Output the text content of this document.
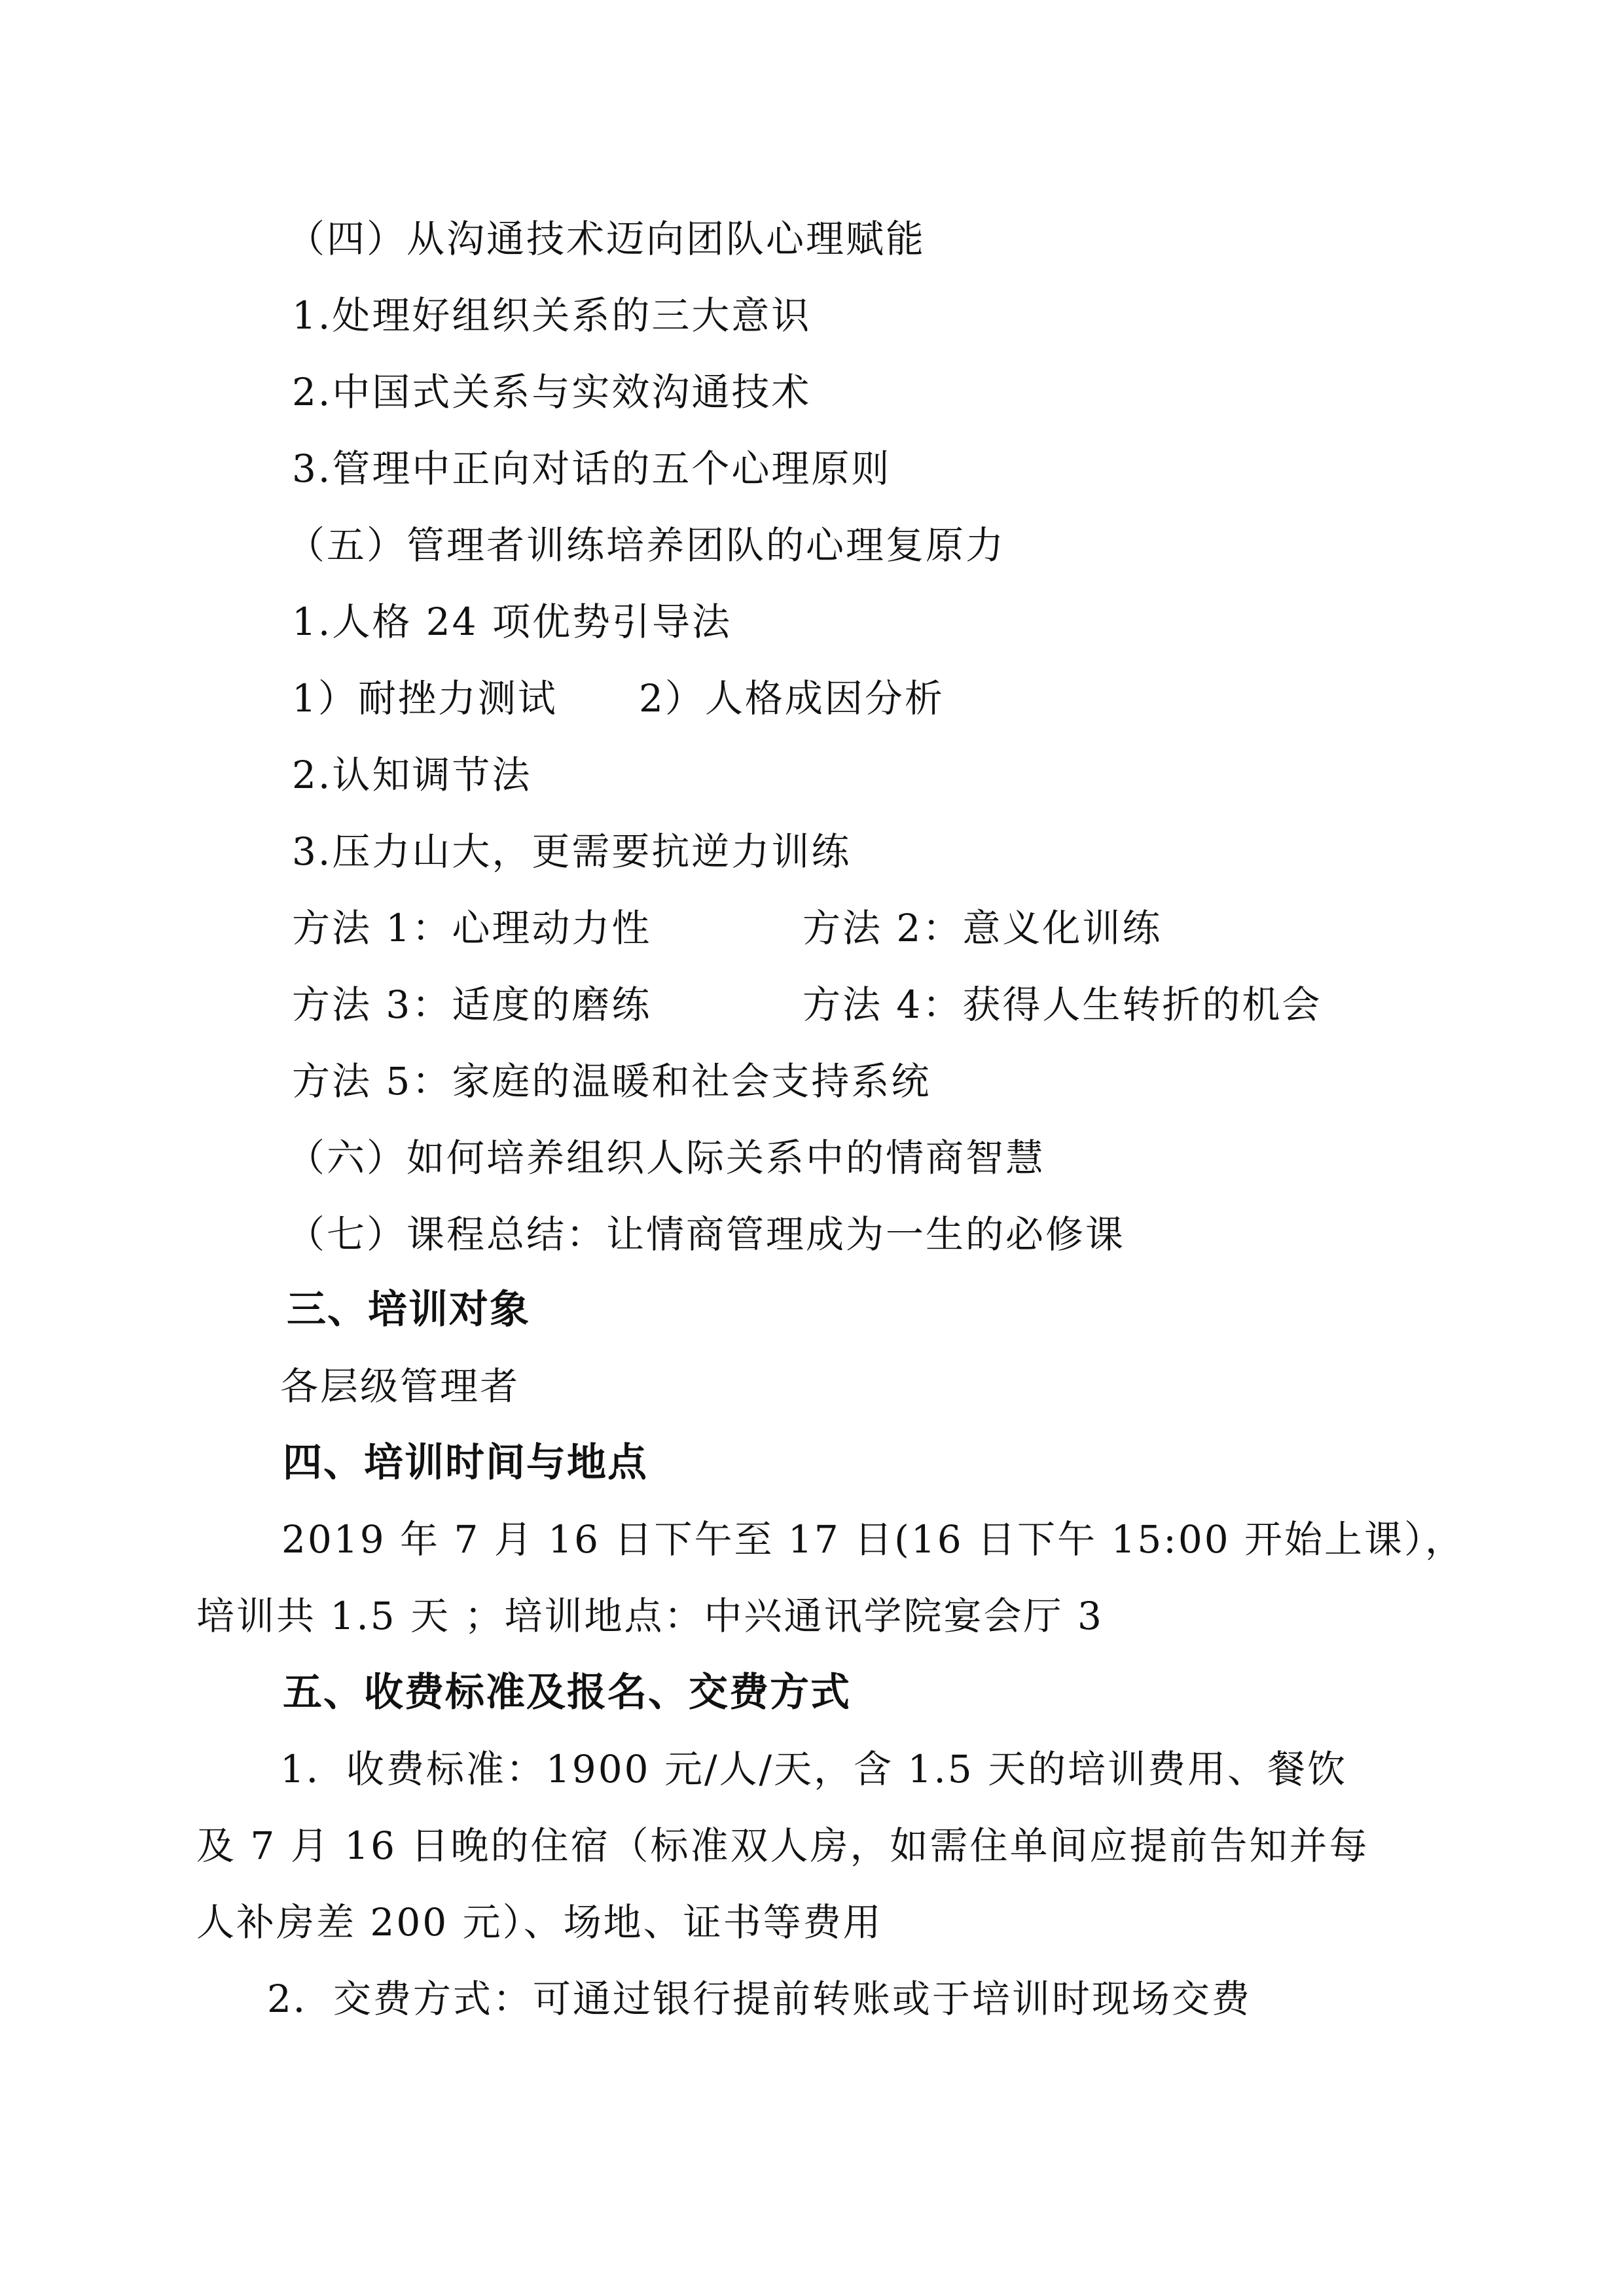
（四）从沟通技术迈向团队心理赋能
1.处理好组织关系的三大意识
2.中国式关系与实效沟通技术
3.管理中正向对话的五个心理原则
（五）管理者训练培养团队的心理复原力
1.人格 24 项优势引导法
1）耐挫力测试 2）人格成因分析
2.认知调节法
3.压力山大，更需要抗逆力训练
方法 1：心理动力性	方法 2：意义化训练
方法 3：适度的磨练	方法 4：获得人生转折的机会
方法 5：家庭的温暖和社会支持系统
（六）如何培养组织人际关系中的情商智慧
（七）课程总结：让情商管理成为一生的必修课
三、培训对象
各层级管理者
四、培训时间与地点
2019 年 7 月 16 日下午至 17 日(16 日下午 15:00 开始上课），
培训共 1.5 天 ；培训地点：中兴通讯学院宴会厅 3
五、收费标准及报名、交费方式
1．收费标准：1900 元/人/天，含 1.5 天的培训费用、餐饮
及 7 月 16 日晚的住宿（标准双人房，如需住单间应提前告知并每
人补房差 200 元）、场地、证书等费用
2．交费方式：可通过银行提前转账或于培训时现场交费
